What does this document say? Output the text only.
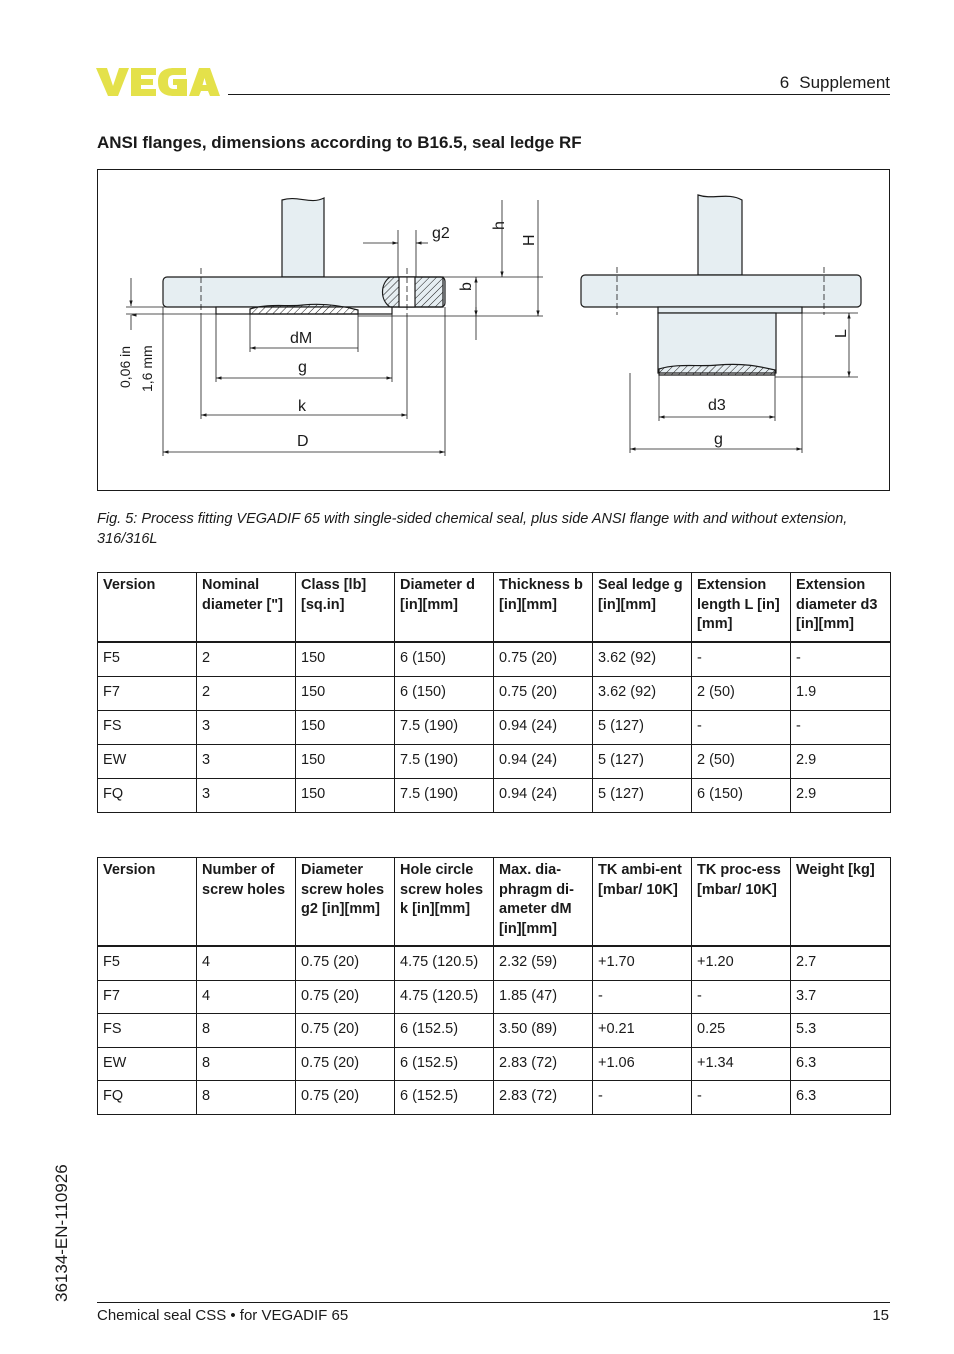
VEGA
6 Supplement
ANSI flanges, dimensions according to B16.5, seal ledge RF
g2	h
H
b
dM
g
k
D
0,06 in 1,6 mm
L
d3
g
Fig. 5: Process fitting VEGADIF 65 with single-sided chemical seal, plus side ANSI flange with and without extension, 316/316L
Version	Nominal diameter ["]	Class [lb][sq.in]	Diameter d [in][mm]	Thickness b [in][mm]	Seal ledge g [in][mm]	Extension length L [in][mm]	Extension diameter d3 [in][mm]
F5	2	150	6 (150)	0.75 (20)	3.62 (92)	-	-
F7	2	150	6 (150)	0.75 (20)	3.62 (92)	2 (50)	1.9
FS	3	150	7.5 (190)	0.94 (24)	5 (127)	-	-
EW	3	150	7.5 (190)	0.94 (24)	5 (127)	2 (50)	2.9
FQ	3	150	7.5 (190)	0.94 (24)	5 (127)	6 (150)	2.9
Version	Number of screw holes	Diameter screw holes g2 [in][mm]	Hole circle screw holes k [in][mm]	Max. dia-phragm di-ameter dM [in][mm]	TK ambi-ent [mbar/ 10K]	TK proc-ess [mbar/ 10K]	Weight [kg]
F5	4	0.75 (20)	4.75 (120.5)	2.32 (59)	+1.70	+1.20	2.7
F7	4	0.75 (20)	4.75 (120.5)	1.85 (47)	-	-	3.7
FS	8	0.75 (20)	6 (152.5)	3.50 (89)	+0.21	0.25	5.3
EW	8	0.75 (20)	6 (152.5)	2.83 (72)	+1.06	+1.34	6.3
FQ	8	0.75 (20)	6 (152.5)	2.83 (72)	-	-	6.3
36134-EN-110926
Chemical seal CSS • for VEGADIF 65	15
